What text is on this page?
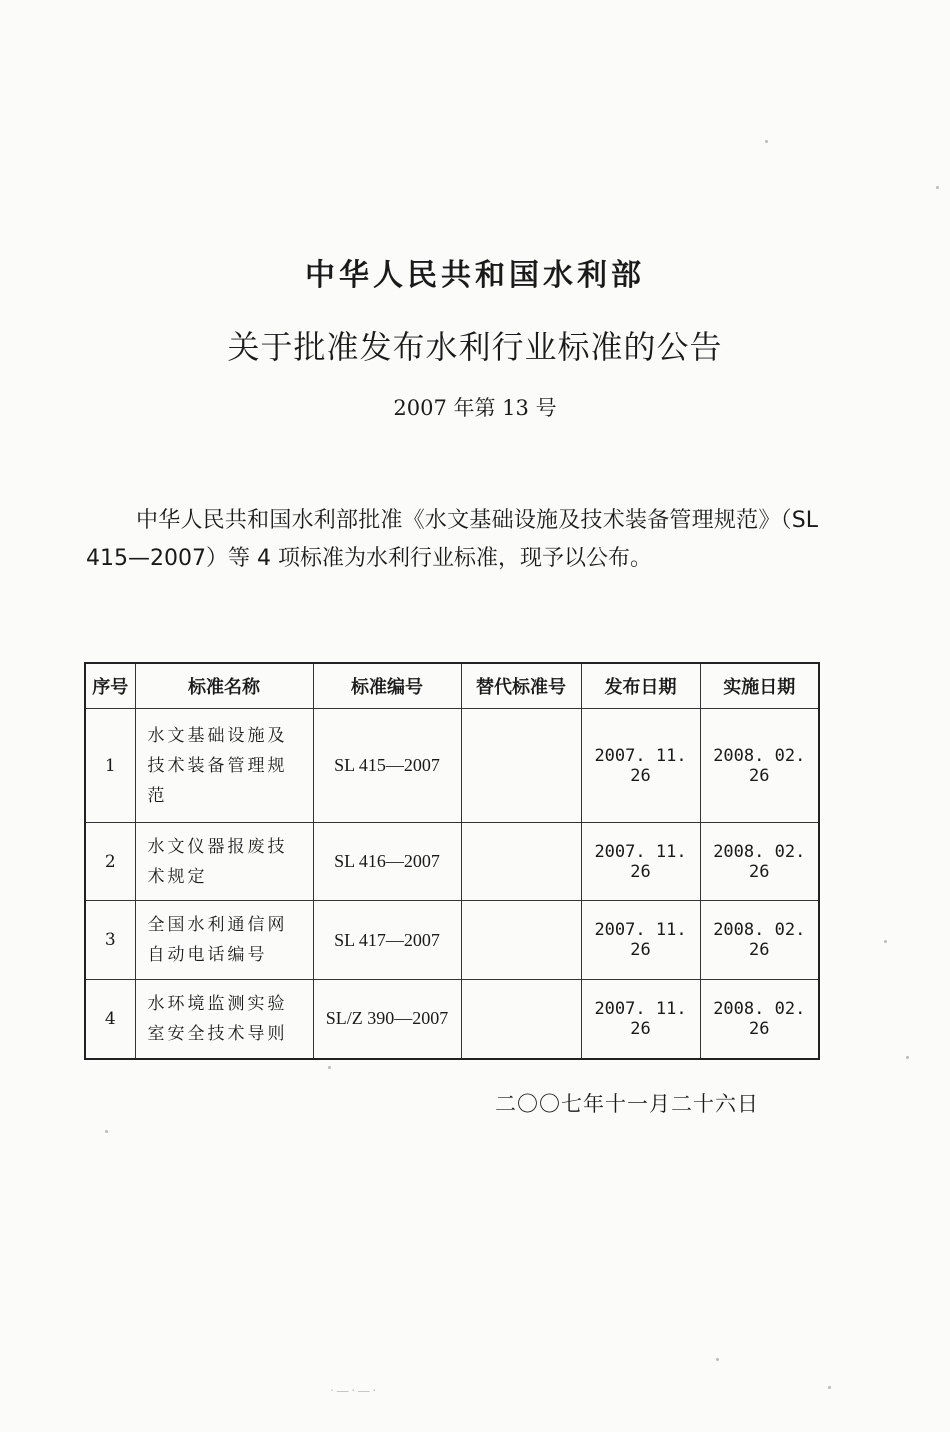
中华人民共和国水利部
关于批准发布水利行业标准的公告
2007 年第 13 号

中华人民共和国水利部批准《水文基础设施及技术装备管理规范》（SL 415—2007）等 4 项标准为水利行业标准，现予以公布。

序号	标准名称	标准编号	替代标准号	发布日期	实施日期
1	水文基础设施及技术装备管理规范	SL 415—2007		2007. 11. 26	2008. 02. 26
2	水文仪器报废技术规定	SL 416—2007		2007. 11. 26	2008. 02. 26
3	全国水利通信网自动电话编号	SL 417—2007		2007. 11. 26	2008. 02. 26
4	水环境监测实验室安全技术导则	SL/Z 390—2007		2007. 11. 26	2008. 02. 26
二〇〇七年十一月二十六日
·—·—·
